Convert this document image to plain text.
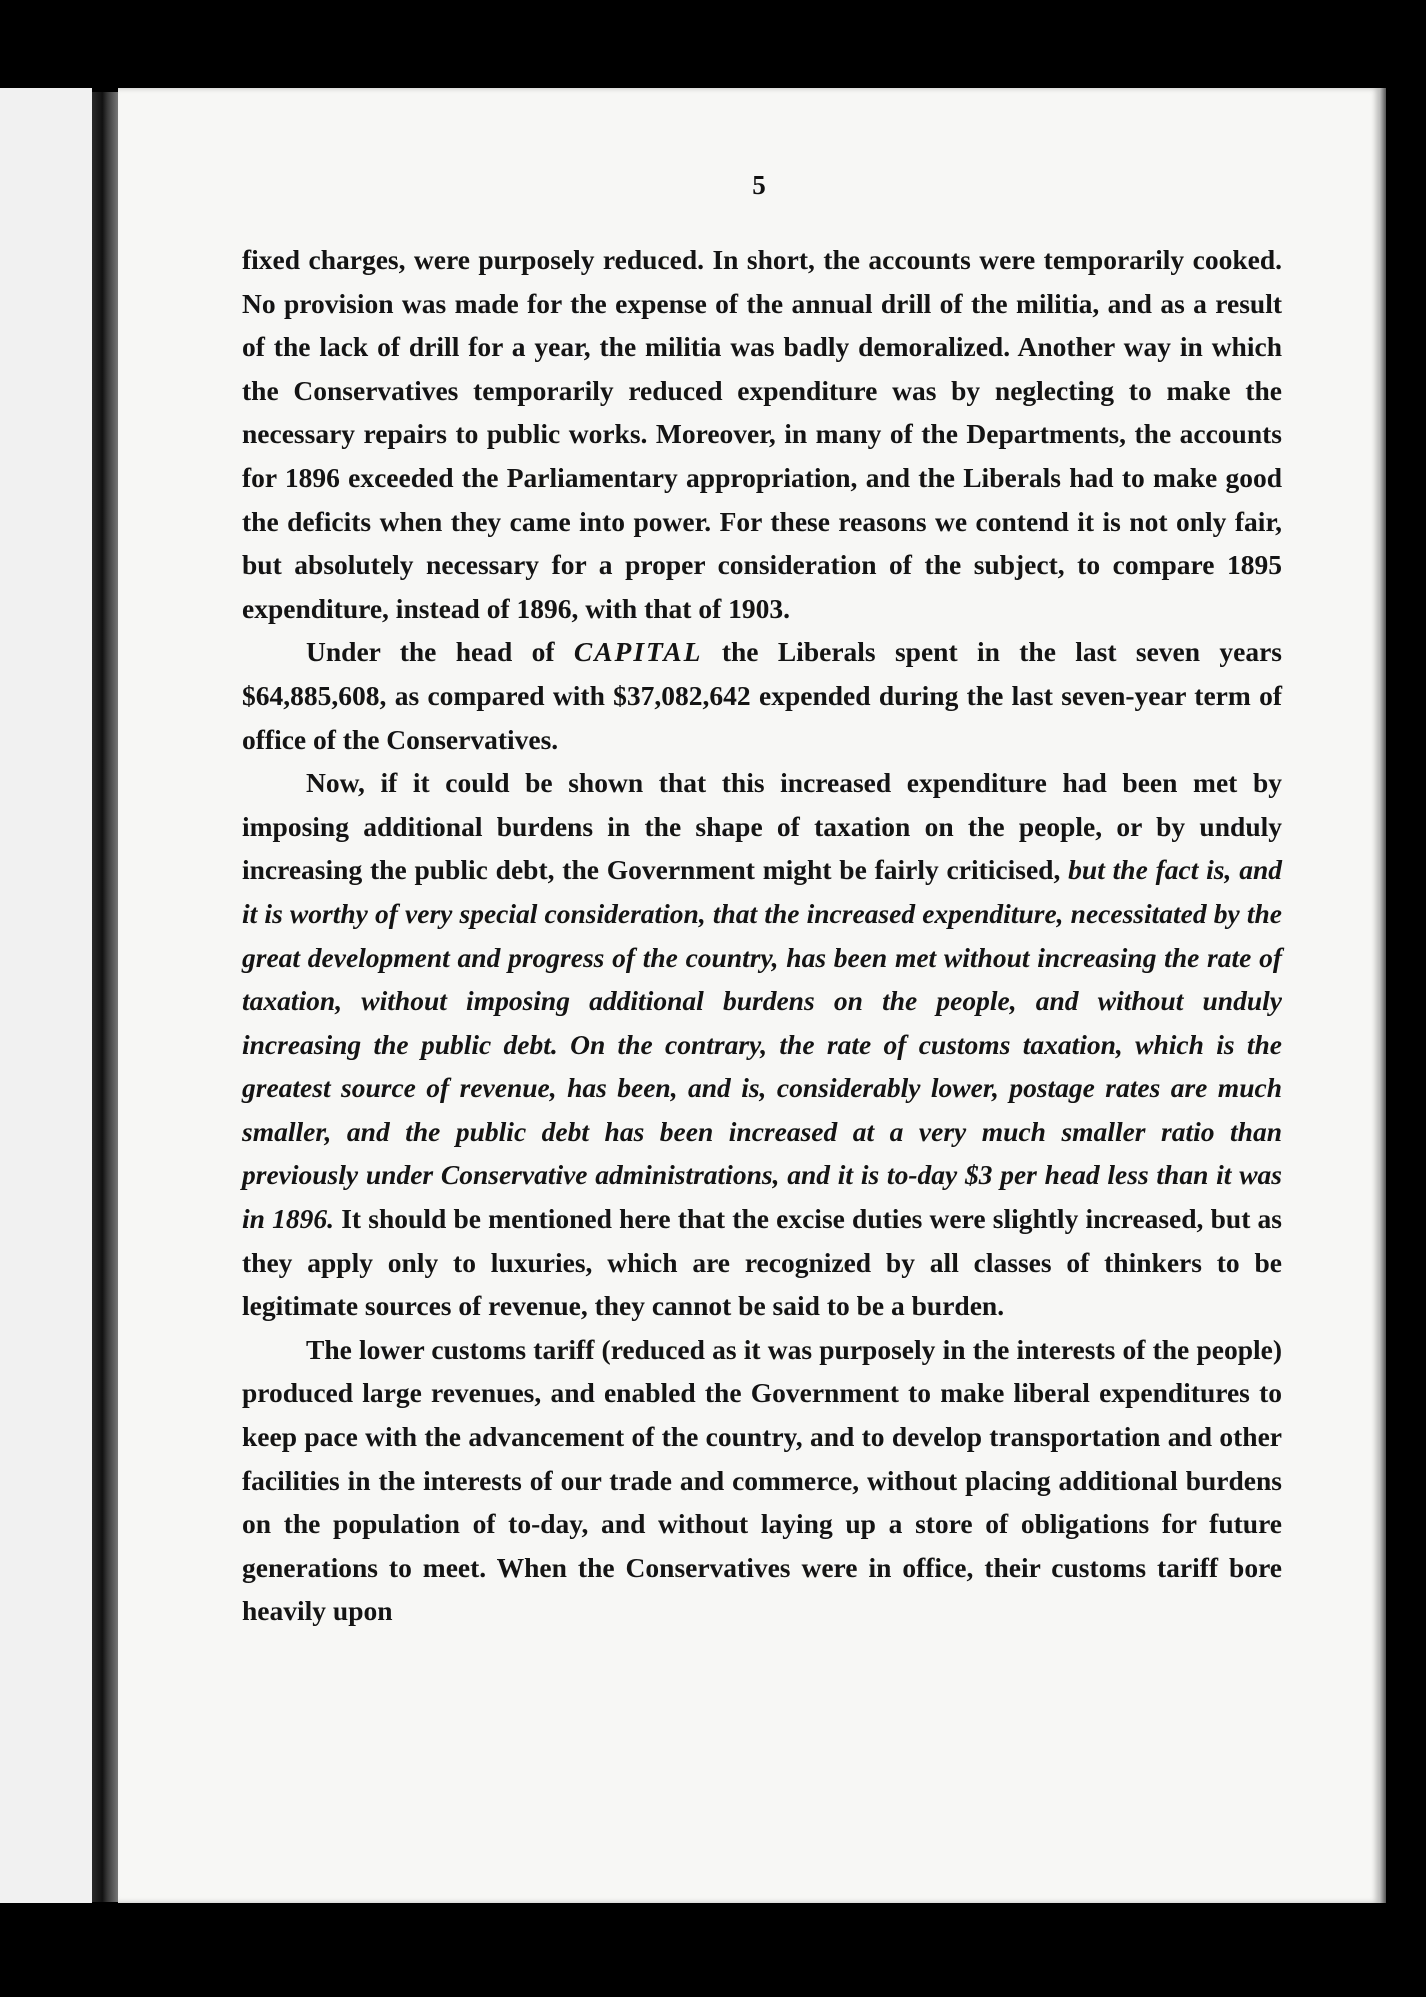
5

fixed charges, were purposely reduced. In short, the accounts were temporarily cooked. No provision was made for the expense of the annual drill of the militia, and as a result of the lack of drill for a year, the militia was badly demoralized. Another way in which the Conservatives temporarily reduced expenditure was by neglecting to make the necessary repairs to public works. Moreover, in many of the Departments, the accounts for 1896 exceeded the Parliamentary appropriation, and the Liberals had to make good the deficits when they came into power. For these reasons we contend it is not only fair, but absolutely necessary for a proper consideration of the subject, to compare 1895 expenditure, instead of 1896, with that of 1903.

Under the head of CAPITAL the Liberals spent in the last seven years $64,885,608, as compared with $37,082,642 expended during the last seven-year term of office of the Conservatives.

Now, if it could be shown that this increased expenditure had been met by imposing additional burdens in the shape of taxation on the people, or by unduly increasing the public debt, the Government might be fairly criticised, but the fact is, and it is worthy of very special consideration, that the increased expenditure, necessitated by the great development and progress of the country, has been met without increasing the rate of taxation, without imposing additional burdens on the people, and without unduly increasing the public debt. On the contrary, the rate of customs taxation, which is the greatest source of revenue, has been, and is, considerably lower, postage rates are much smaller, and the public debt has been increased at a very much smaller ratio than previously under Conservative administrations, and it is to-day $3 per head less than it was in 1896. It should be mentioned here that the excise duties were slightly increased, but as they apply only to luxuries, which are recognized by all classes of thinkers to be legitimate sources of revenue, they cannot be said to be a burden.

The lower customs tariff (reduced as it was purposely in the interests of the people) produced large revenues, and enabled the Government to make liberal expenditures to keep pace with the advancement of the country, and to develop transportation and other facilities in the interests of our trade and commerce, without placing additional burdens on the population of to-day, and without laying up a store of obligations for future generations to meet. When the Conservatives were in office, their customs tariff bore heavily upon
